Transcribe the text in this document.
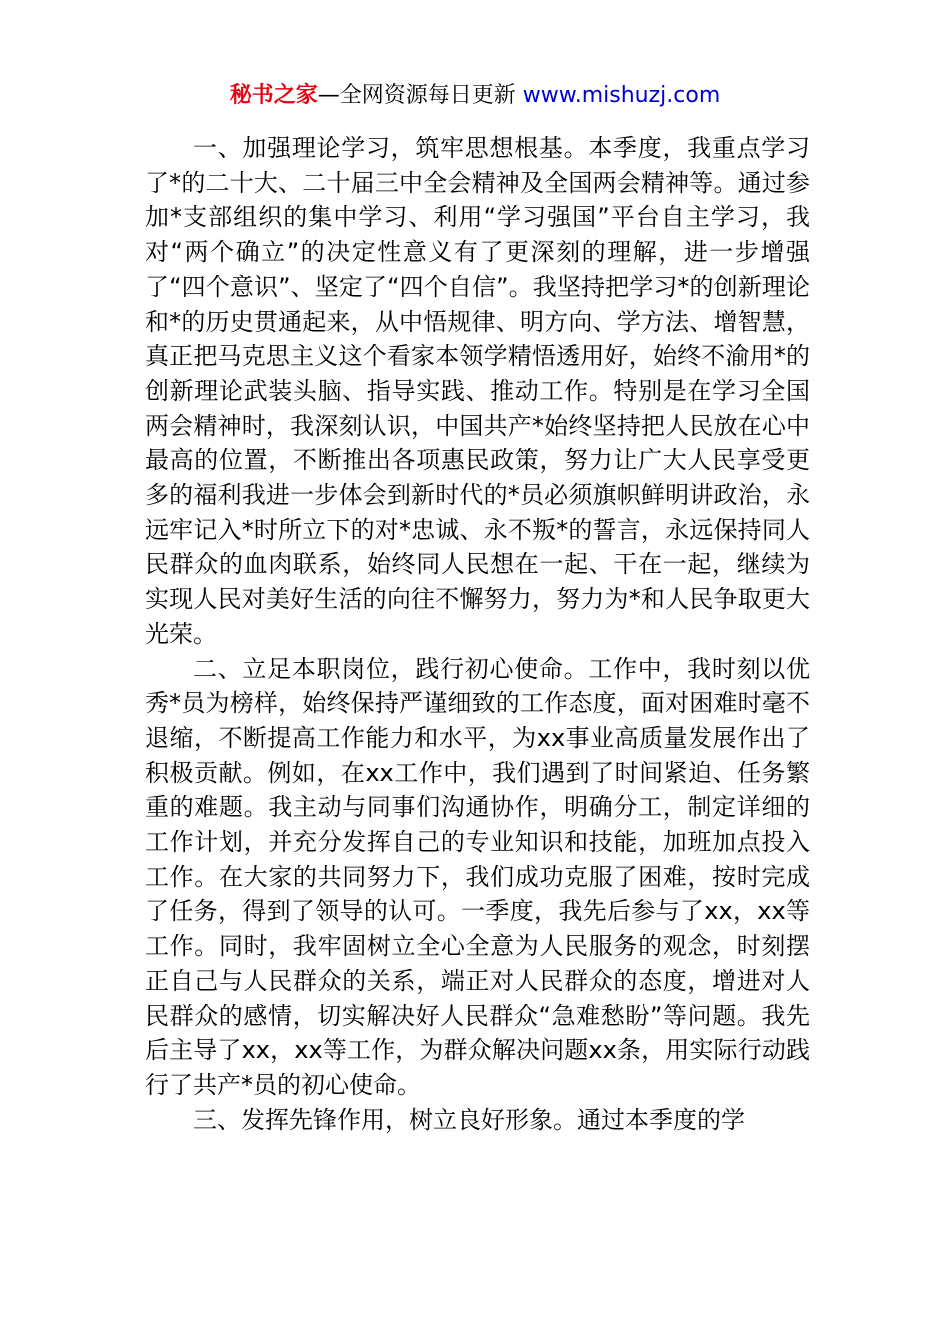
秘书之家—全网资源每日更新 www.mishuzj.com

一、加强理论学习，筑牢思想根基。本季度，我重点学习了*的二十大、二十届三中全会精神及全国两会精神等。通过参加*支部组织的集中学习、利用“学习强国”平台自主学习，我对“两个确立”的决定性意义有了更深刻的理解，进一步增强了“四个意识”、坚定了“四个自信”。我坚持把学习*的创新理论和*的历史贯通起来，从中悟规律、明方向、学方法、增智慧，真正把马克思主义这个看家本领学精悟透用好，始终不渝用*的创新理论武装头脑、指导实践、推动工作。特别是在学习全国两会精神时，我深刻认识，中国共产*始终坚持把人民放在心中最高的位置，不断推出各项惠民政策，努力让广大人民享受更多的福利我进一步体会到新时代的*员必须旗帜鲜明讲政治，永远牢记入*时所立下的对*忠诚、永不叛*的誓言，永远保持同人民群众的血肉联系，始终同人民想在一起、干在一起，继续为实现人民对美好生活的向往不懈努力，努力为*和人民争取更大光荣。

二、立足本职岗位，践行初心使命。工作中，我时刻以优秀*员为榜样，始终保持严谨细致的工作态度，面对困难时毫不退缩，不断提高工作能力和水平，为xx事业高质量发展作出了积极贡献。例如，在xx工作中，我们遇到了时间紧迫、任务繁重的难题。我主动与同事们沟通协作，明确分工，制定详细的工作计划，并充分发挥自己的专业知识和技能，加班加点投入工作。在大家的共同努力下，我们成功克服了困难，按时完成了任务，得到了领导的认可。一季度，我先后参与了xx，xx等工作。同时，我牢固树立全心全意为人民服务的观念，时刻摆正自己与人民群众的关系，端正对人民群众的态度，增进对人民群众的感情，切实解决好人民群众“急难愁盼”等问题。我先后主导了xx，xx等工作，为群众解决问题xx条，用实际行动践行了共产*员的初心使命。

三、发挥先锋作用，树立良好形象。通过本季度的学
